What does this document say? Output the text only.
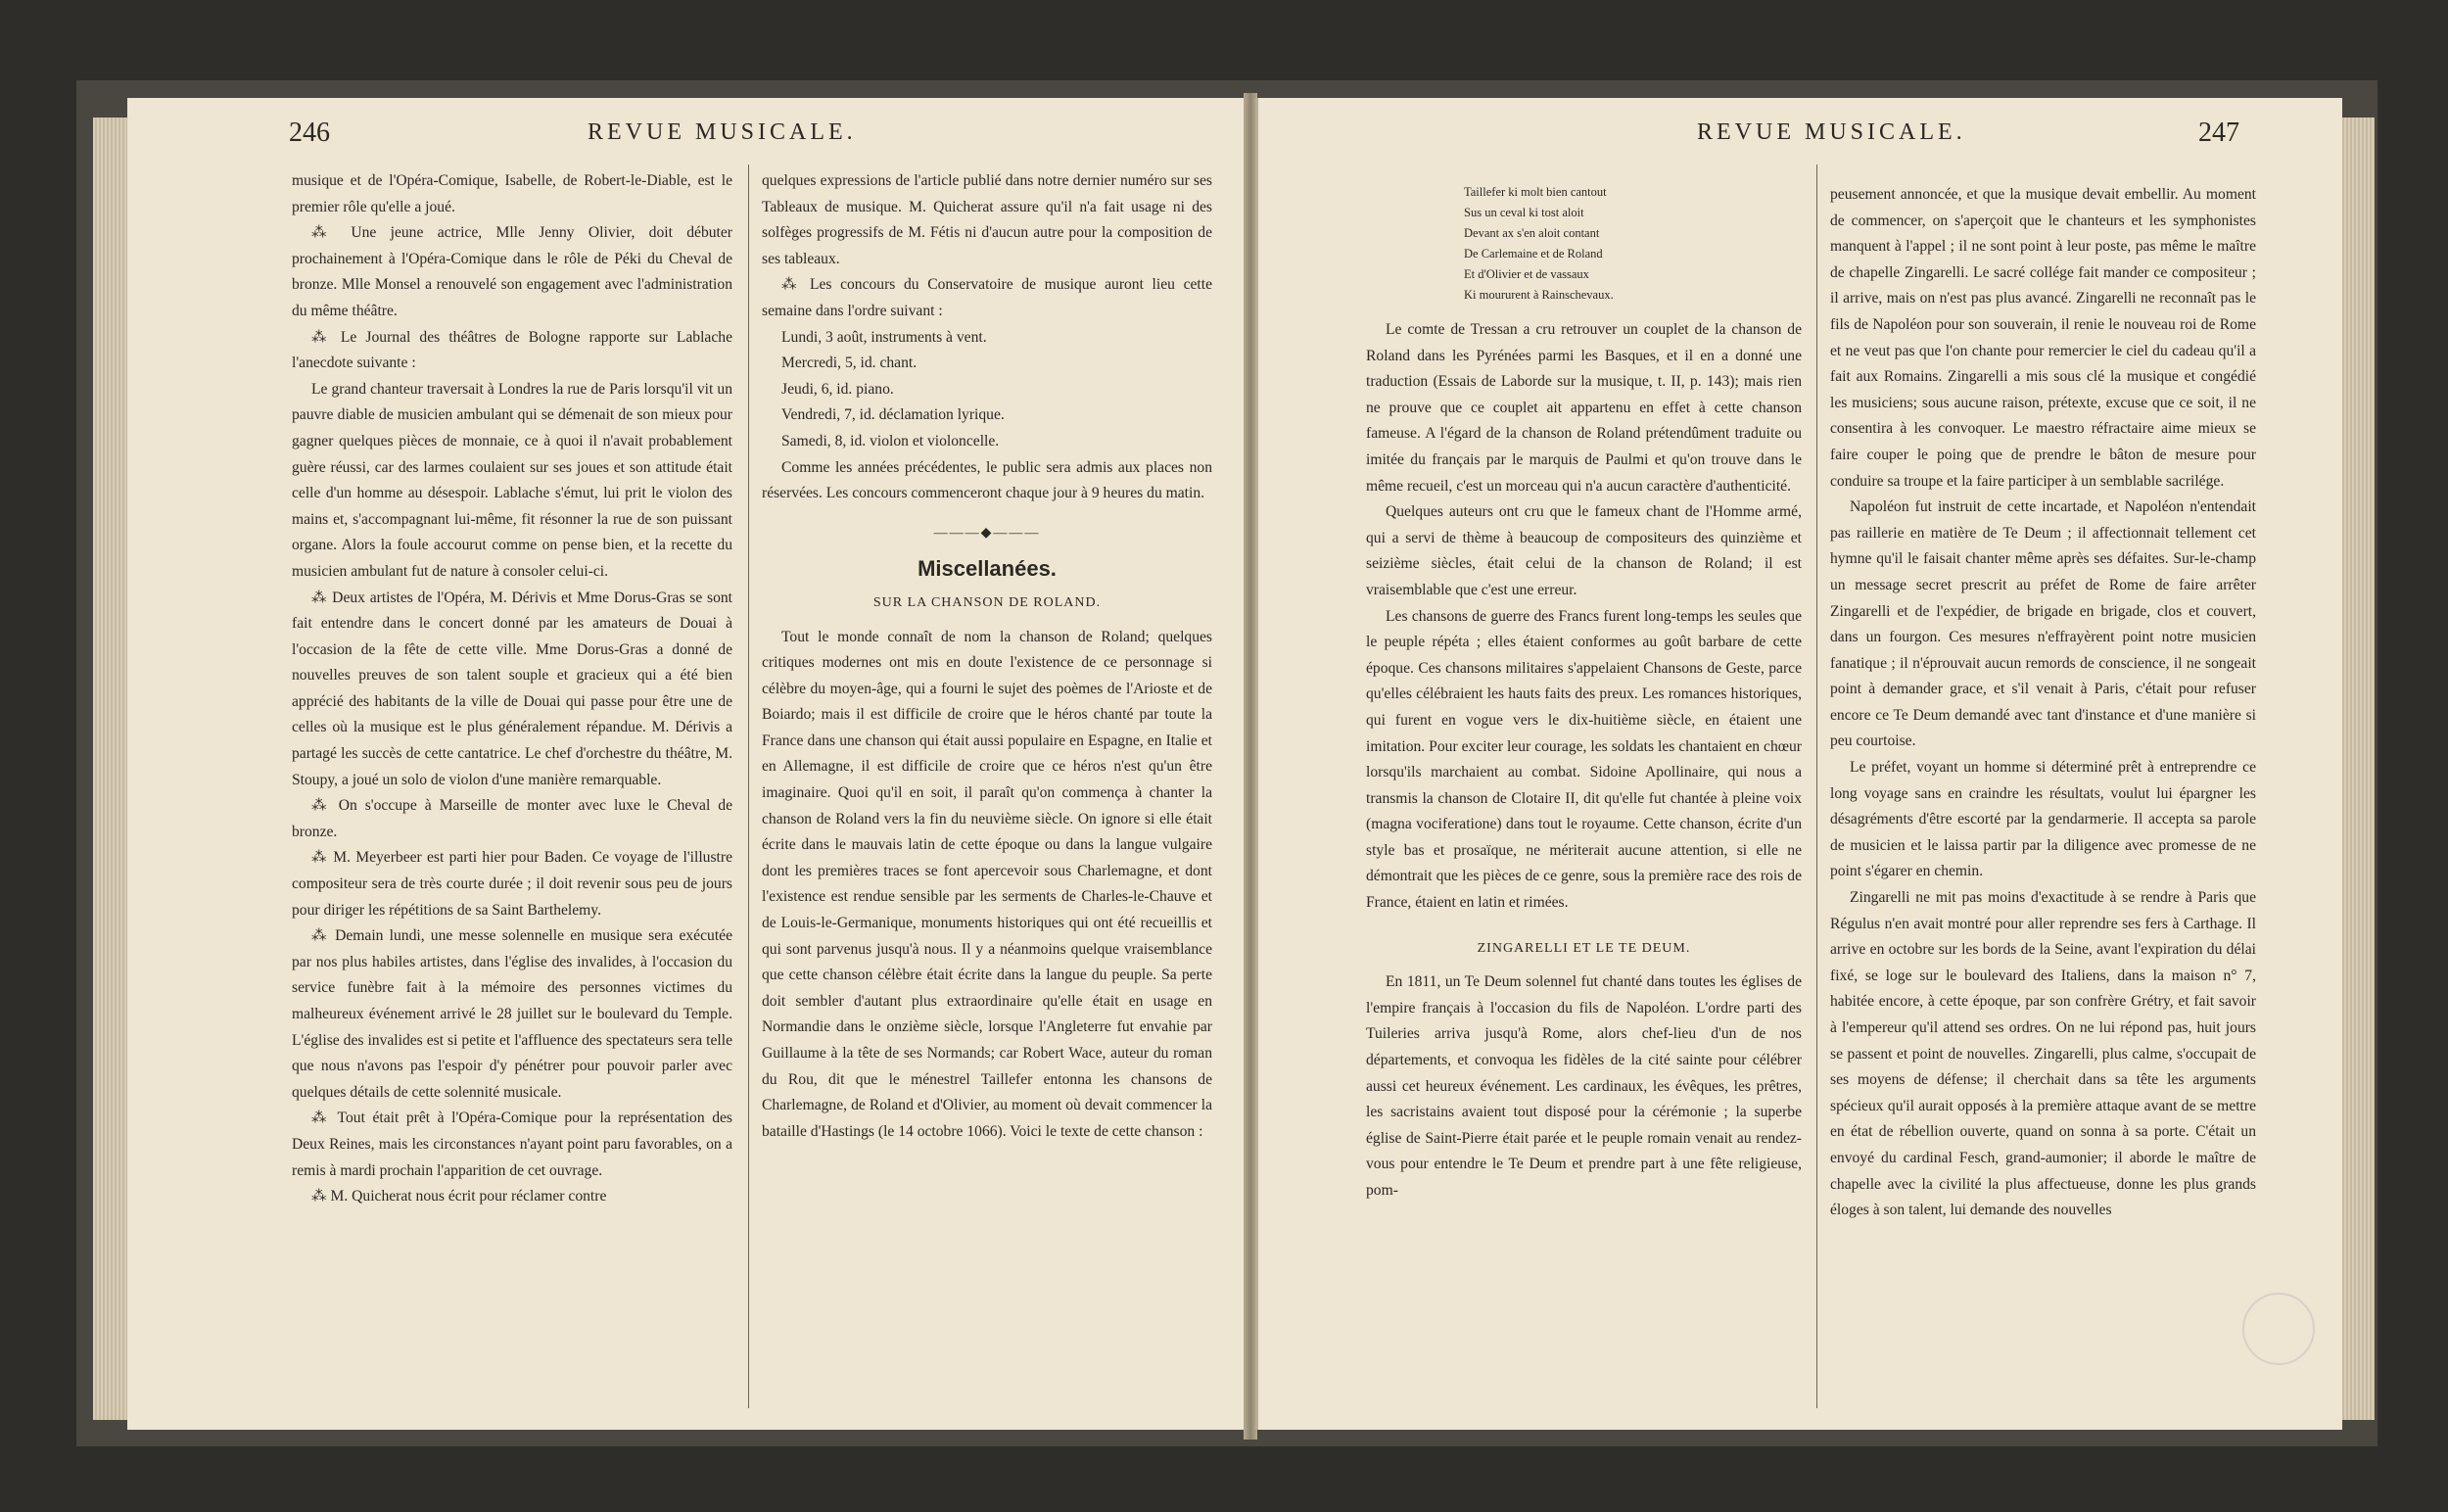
246	REVUE MUSICALE.

musique et de l'Opéra-Comique, Isabelle, de Robert-le-Diable, est le premier rôle qu'elle a joué.

⁂ Une jeune actrice, Mlle Jenny Olivier, doit débuter prochainement à l'Opéra-Comique dans le rôle de Péki du Cheval de bronze. Mlle Monsel a renouvelé son engagement avec l'administration du même théâtre.

⁂ Le Journal des théâtres de Bologne rapporte sur Lablache l'anecdote suivante :

Le grand chanteur traversait à Londres la rue de Paris lorsqu'il vit un pauvre diable de musicien ambulant qui se démenait de son mieux pour gagner quelques pièces de monnaie, ce à quoi il n'avait probablement guère réussi, car des larmes coulaient sur ses joues et son attitude était celle d'un homme au désespoir. Lablache s'émut, lui prit le violon des mains et, s'accompagnant lui-même, fit résonner la rue de son puissant organe. Alors la foule accourut comme on pense bien, et la recette du musicien ambulant fut de nature à consoler celui-ci.

⁂ Deux artistes de l'Opéra, M. Dérivis et Mme Dorus-Gras se sont fait entendre dans le concert donné par les amateurs de Douai à l'occasion de la fête de cette ville. Mme Dorus-Gras a donné de nouvelles preuves de son talent souple et gracieux qui a été bien apprécié des habitants de la ville de Douai qui passe pour être une de celles où la musique est le plus généralement répandue. M. Dérivis a partagé les succès de cette cantatrice. Le chef d'orchestre du théâtre, M. Stoupy, a joué un solo de violon d'une manière remarquable.

⁂ On s'occupe à Marseille de monter avec luxe le Cheval de bronze.

⁂ M. Meyerbeer est parti hier pour Baden. Ce voyage de l'illustre compositeur sera de très courte durée ; il doit revenir sous peu de jours pour diriger les répétitions de sa Saint Barthelemy.

⁂ Demain lundi, une messe solennelle en musique sera exécutée par nos plus habiles artistes, dans l'église des invalides, à l'occasion du service funèbre fait à la mémoire des personnes victimes du malheureux événement arrivé le 28 juillet sur le boulevard du Temple. L'église des invalides est si petite et l'affluence des spectateurs sera telle que nous n'avons pas l'espoir d'y pénétrer pour pouvoir parler avec quelques détails de cette solennité musicale.

⁂ Tout était prêt à l'Opéra-Comique pour la représentation des Deux Reines, mais les circonstances n'ayant point paru favorables, on a remis à mardi prochain l'apparition de cet ouvrage.

⁂ M. Quicherat nous écrit pour réclamer contre

quelques expressions de l'article publié dans notre dernier numéro sur ses Tableaux de musique. M. Quicherat assure qu'il n'a fait usage ni des solfèges progressifs de M. Fétis ni d'aucun autre pour la composition de ses tableaux.

⁂ Les concours du Conservatoire de musique auront lieu cette semaine dans l'ordre suivant :

Lundi, 3 août, instruments à vent.

Mercredi, 5, id. chant.

Jeudi, 6, id. piano.

Vendredi, 7, id. déclamation lyrique.

Samedi, 8, id. violon et violoncelle.

Comme les années précédentes, le public sera admis aux places non réservées. Les concours commenceront chaque jour à 9 heures du matin.

———◆———
Miscellanées.
SUR LA CHANSON DE ROLAND.

Tout le monde connaît de nom la chanson de Roland; quelques critiques modernes ont mis en doute l'existence de ce personnage si célèbre du moyen-âge, qui a fourni le sujet des poèmes de l'Arioste et de Boiardo; mais il est difficile de croire que le héros chanté par toute la France dans une chanson qui était aussi populaire en Espagne, en Italie et en Allemagne, il est difficile de croire que ce héros n'est qu'un être imaginaire. Quoi qu'il en soit, il paraît qu'on commença à chanter la chanson de Roland vers la fin du neuvième siècle. On ignore si elle était écrite dans le mauvais latin de cette époque ou dans la langue vulgaire dont les premières traces se font apercevoir sous Charlemagne, et dont l'existence est rendue sensible par les serments de Charles-le-Chauve et de Louis-le-Germanique, monuments historiques qui ont été recueillis et qui sont parvenus jusqu'à nous. Il y a néanmoins quelque vraisemblance que cette chanson célèbre était écrite dans la langue du peuple. Sa perte doit sembler d'autant plus extraordinaire qu'elle était en usage en Normandie dans le onzième siècle, lorsque l'Angleterre fut envahie par Guillaume à la tête de ses Normands; car Robert Wace, auteur du roman du Rou, dit que le ménestrel Taillefer entonna les chansons de Charlemagne, de Roland et d'Olivier, au moment où devait commencer la bataille d'Hastings (le 14 octobre 1066). Voici le texte de cette chanson :

REVUE MUSICALE.	247

Taillefer ki molt bien cantout

Sus un ceval ki tost aloit

Devant ax s'en aloit contant

De Carlemaine et de Roland

Et d'Olivier et de vassaux

Ki moururent à Rainschevaux.

Le comte de Tressan a cru retrouver un couplet de la chanson de Roland dans les Pyrénées parmi les Basques, et il en a donné une traduction (Essais de Laborde sur la musique, t. II, p. 143); mais rien ne prouve que ce couplet ait appartenu en effet à cette chanson fameuse. A l'égard de la chanson de Roland prétendûment traduite ou imitée du français par le marquis de Paulmi et qu'on trouve dans le même recueil, c'est un morceau qui n'a aucun caractère d'authenticité.

Quelques auteurs ont cru que le fameux chant de l'Homme armé, qui a servi de thème à beaucoup de compositeurs des quinzième et seizième siècles, était celui de la chanson de Roland; il est vraisemblable que c'est une erreur.

Les chansons de guerre des Francs furent long-temps les seules que le peuple répéta ; elles étaient conformes au goût barbare de cette époque. Ces chansons militaires s'appelaient Chansons de Geste, parce qu'elles célébraient les hauts faits des preux. Les romances historiques, qui furent en vogue vers le dix-huitième siècle, en étaient une imitation. Pour exciter leur courage, les soldats les chantaient en chœur lorsqu'ils marchaient au combat. Sidoine Apollinaire, qui nous a transmis la chanson de Clotaire II, dit qu'elle fut chantée à pleine voix (magna vociferatione) dans tout le royaume. Cette chanson, écrite d'un style bas et prosaïque, ne mériterait aucune attention, si elle ne démontrait que les pièces de ce genre, sous la première race des rois de France, étaient en latin et rimées.

ZINGARELLI ET LE TE DEUM.

En 1811, un Te Deum solennel fut chanté dans toutes les églises de l'empire français à l'occasion du fils de Napoléon. L'ordre parti des Tuileries arriva jusqu'à Rome, alors chef-lieu d'un de nos départements, et convoqua les fidèles de la cité sainte pour célébrer aussi cet heureux événement. Les cardinaux, les évêques, les prêtres, les sacristains avaient tout disposé pour la cérémonie ; la superbe église de Saint-Pierre était parée et le peuple romain venait au rendez-vous pour entendre le Te Deum et prendre part à une fête religieuse, pom-

peusement annoncée, et que la musique devait embellir. Au moment de commencer, on s'aperçoit que le chanteurs et les symphonistes manquent à l'appel ; il ne sont point à leur poste, pas même le maître de chapelle Zingarelli. Le sacré collége fait mander ce compositeur ; il arrive, mais on n'est pas plus avancé. Zingarelli ne reconnaît pas le fils de Napoléon pour son souverain, il renie le nouveau roi de Rome et ne veut pas que l'on chante pour remercier le ciel du cadeau qu'il a fait aux Romains. Zingarelli a mis sous clé la musique et congédié les musiciens; sous aucune raison, prétexte, excuse que ce soit, il ne consentira à les convoquer. Le maestro réfractaire aime mieux se faire couper le poing que de prendre le bâton de mesure pour conduire sa troupe et la faire participer à un semblable sacrilége.

Napoléon fut instruit de cette incartade, et Napoléon n'entendait pas raillerie en matière de Te Deum ; il affectionnait tellement cet hymne qu'il le faisait chanter même après ses défaites. Sur-le-champ un message secret prescrit au préfet de Rome de faire arrêter Zingarelli et de l'expédier, de brigade en brigade, clos et couvert, dans un fourgon. Ces mesures n'effrayèrent point notre musicien fanatique ; il n'éprouvait aucun remords de conscience, il ne songeait point à demander grace, et s'il venait à Paris, c'était pour refuser encore ce Te Deum demandé avec tant d'instance et d'une manière si peu courtoise.

Le préfet, voyant un homme si déterminé prêt à entreprendre ce long voyage sans en craindre les résultats, voulut lui épargner les désagréments d'être escorté par la gendarmerie. Il accepta sa parole de musicien et le laissa partir par la diligence avec promesse de ne point s'égarer en chemin.

Zingarelli ne mit pas moins d'exactitude à se rendre à Paris que Régulus n'en avait montré pour aller reprendre ses fers à Carthage. Il arrive en octobre sur les bords de la Seine, avant l'expiration du délai fixé, se loge sur le boulevard des Italiens, dans la maison n° 7, habitée encore, à cette époque, par son confrère Grétry, et fait savoir à l'empereur qu'il attend ses ordres. On ne lui répond pas, huit jours se passent et point de nouvelles. Zingarelli, plus calme, s'occupait de ses moyens de défense; il cherchait dans sa tête les arguments spécieux qu'il aurait opposés à la première attaque avant de se mettre en état de rébellion ouverte, quand on sonna à sa porte. C'était un envoyé du cardinal Fesch, grand-aumonier; il aborde le maître de chapelle avec la civilité la plus affectueuse, donne les plus grands éloges à son talent, lui demande des nouvelles
